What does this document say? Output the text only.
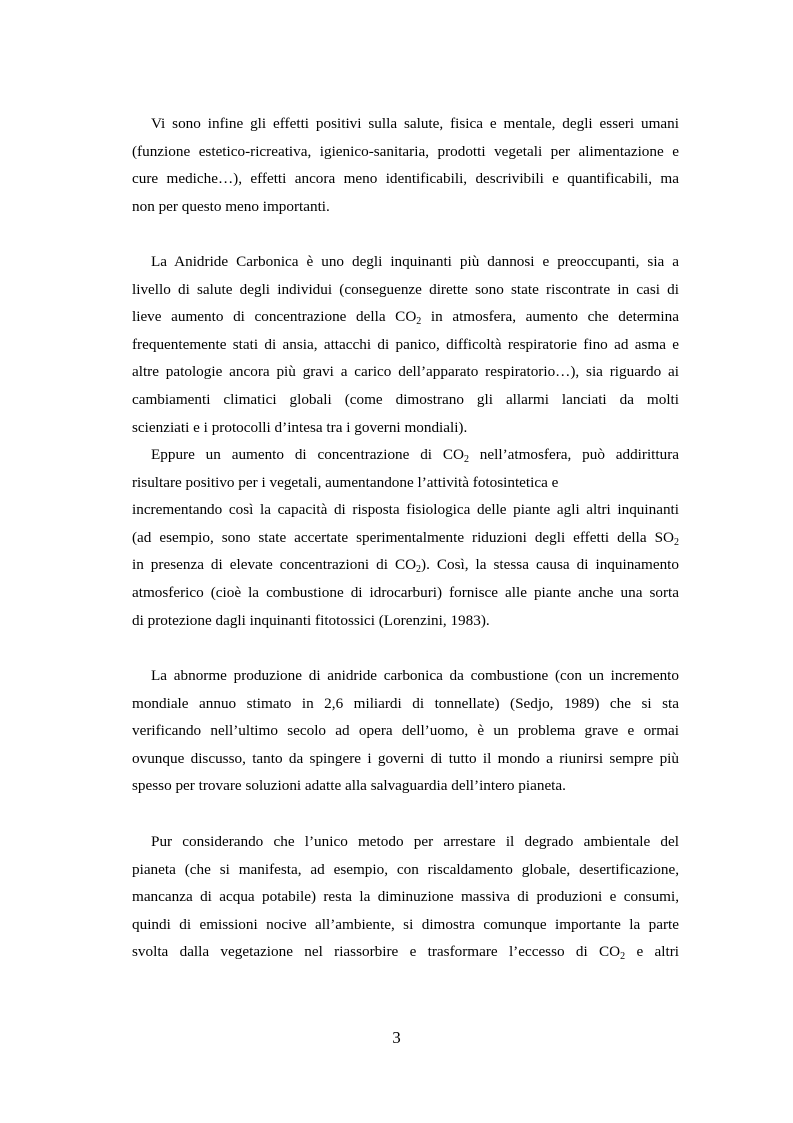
Vi sono infine gli effetti positivi sulla salute, fisica e mentale, degli esseri umani
(funzione estetico-ricreativa, igienico-sanitaria, prodotti vegetali per alimentazione e
cure mediche…), effetti ancora meno identificabili, descrivibili e quantificabili, ma
non per questo meno importanti.
La Anidride Carbonica è uno degli inquinanti più dannosi e preoccupanti, sia a
livello di salute degli individui (conseguenze dirette sono state riscontrate in casi di
lieve aumento di concentrazione della $CO_2$ in atmosfera, aumento che determina
frequentemente stati di ansia, attacchi di panico, difficoltà respiratorie fino ad asma e
altre patologie ancora più gravi a carico dell’apparato respiratorio…), sia riguardo ai
cambiamenti climatici globali (come dimostrano gli allarmi lanciati da molti
scienziati e i protocolli d’intesa tra i governi mondiali).
Eppure un aumento di concentrazione di $CO_2$ nell’atmosfera, può addirittura
risultare positivo per i vegetali, aumentandone l’attività fotosintetica e
incrementando così la capacità di risposta fisiologica delle piante agli altri inquinanti
(ad esempio, sono state accertate sperimentalmente riduzioni degli effetti della $SO_2$
in presenza di elevate concentrazioni di $CO_2$). Così, la stessa causa di inquinamento
atmosferico (cioè la combustione di idrocarburi) fornisce alle piante anche una sorta
di protezione dagli inquinanti fitotossici (Lorenzini, 1983).
La abnorme produzione di anidride carbonica da combustione (con un incremento
mondiale annuo stimato in 2,6 miliardi di tonnellate) (Sedjo, 1989) che si sta
verificando nell’ultimo secolo ad opera dell’uomo, è un problema grave e ormai
ovunque discusso, tanto da spingere i governi di tutto il mondo a riunirsi sempre più
spesso per trovare soluzioni adatte alla salvaguardia dell’intero pianeta.
Pur considerando che l’unico metodo per arrestare il degrado ambientale del
pianeta (che si manifesta, ad esempio, con riscaldamento globale, desertificazione,
mancanza di acqua potabile) resta la diminuzione massiva di produzioni e consumi,
quindi di emissioni nocive all’ambiente, si dimostra comunque importante la parte
svolta dalla vegetazione nel riassorbire e trasformare l’eccesso di $CO_2$ e altri
3
